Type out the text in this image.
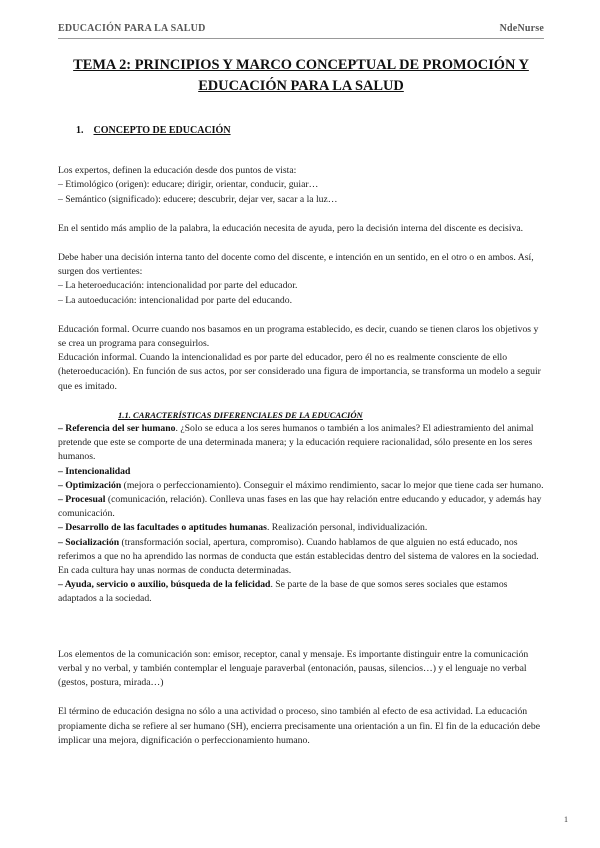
EDUCACIÓN PARA LA SALUD	NdeNurse
TEMA 2: PRINCIPIOS Y MARCO CONCEPTUAL DE PROMOCIÓN Y
EDUCACIÓN PARA LA SALUD
1. CONCEPTO DE EDUCACIÓN

Los expertos, definen la educación desde dos puntos de vista:

– Etimológico (origen): educare; dirigir, orientar, conducir, guiar…

– Semántico (significado): educere; descubrir, dejar ver, sacar a la luz…

En el sentido más amplio de la palabra, la educación necesita de ayuda, pero la decisión interna del discente es decisiva.

Debe haber una decisión interna tanto del docente como del discente, e intención en un sentido, en el otro o en ambos. Así, surgen dos vertientes:

– La heteroeducación: intencionalidad por parte del educador.

– La autoeducación: intencionalidad por parte del educando.

Educación formal. Ocurre cuando nos basamos en un programa establecido, es decir, cuando se tienen claros los objetivos y se crea un programa para conseguirlos.

Educación informal. Cuando la intencionalidad es por parte del educador, pero él no es realmente consciente de ello (heteroeducación). En función de sus actos, por ser considerado una figura de importancia, se transforma un modelo a seguir que es imitado.

1.1. CARACTERÍSTICAS DIFERENCIALES DE LA EDUCACIÓN

– Referencia del ser humano. ¿Solo se educa a los seres humanos o también a los animales? El adiestramiento del animal pretende que este se comporte de una determinada manera; y la educación requiere racionalidad, sólo presente en los seres humanos.

– Intencionalidad

– Optimización (mejora o perfeccionamiento). Conseguir el máximo rendimiento, sacar lo mejor que tiene cada ser humano.

– Procesual (comunicación, relación). Conlleva unas fases en las que hay relación entre educando y educador, y además hay comunicación.

– Desarrollo de las facultades o aptitudes humanas. Realización personal, individualización.

– Socialización (transformación social, apertura, compromiso). Cuando hablamos de que alguien no está educado, nos referimos a que no ha aprendido las normas de conducta que están establecidas dentro del sistema de valores en la sociedad. En cada cultura hay unas normas de conducta determinadas.

– Ayuda, servicio o auxilio, búsqueda de la felicidad. Se parte de la base de que somos seres sociales que estamos adaptados a la sociedad.

Los elementos de la comunicación son: emisor, receptor, canal y mensaje. Es importante distinguir entre la comunicación verbal y no verbal, y también contemplar el lenguaje paraverbal (entonación, pausas, silencios…) y el lenguaje no verbal (gestos, postura, mirada…)

El término de educación designa no sólo a una actividad o proceso, sino también al efecto de esa actividad. La educación propiamente dicha se refiere al ser humano (SH), encierra precisamente una orientación a un fin. El fin de la educación debe implicar una mejora, dignificación o perfeccionamiento humano.

1
